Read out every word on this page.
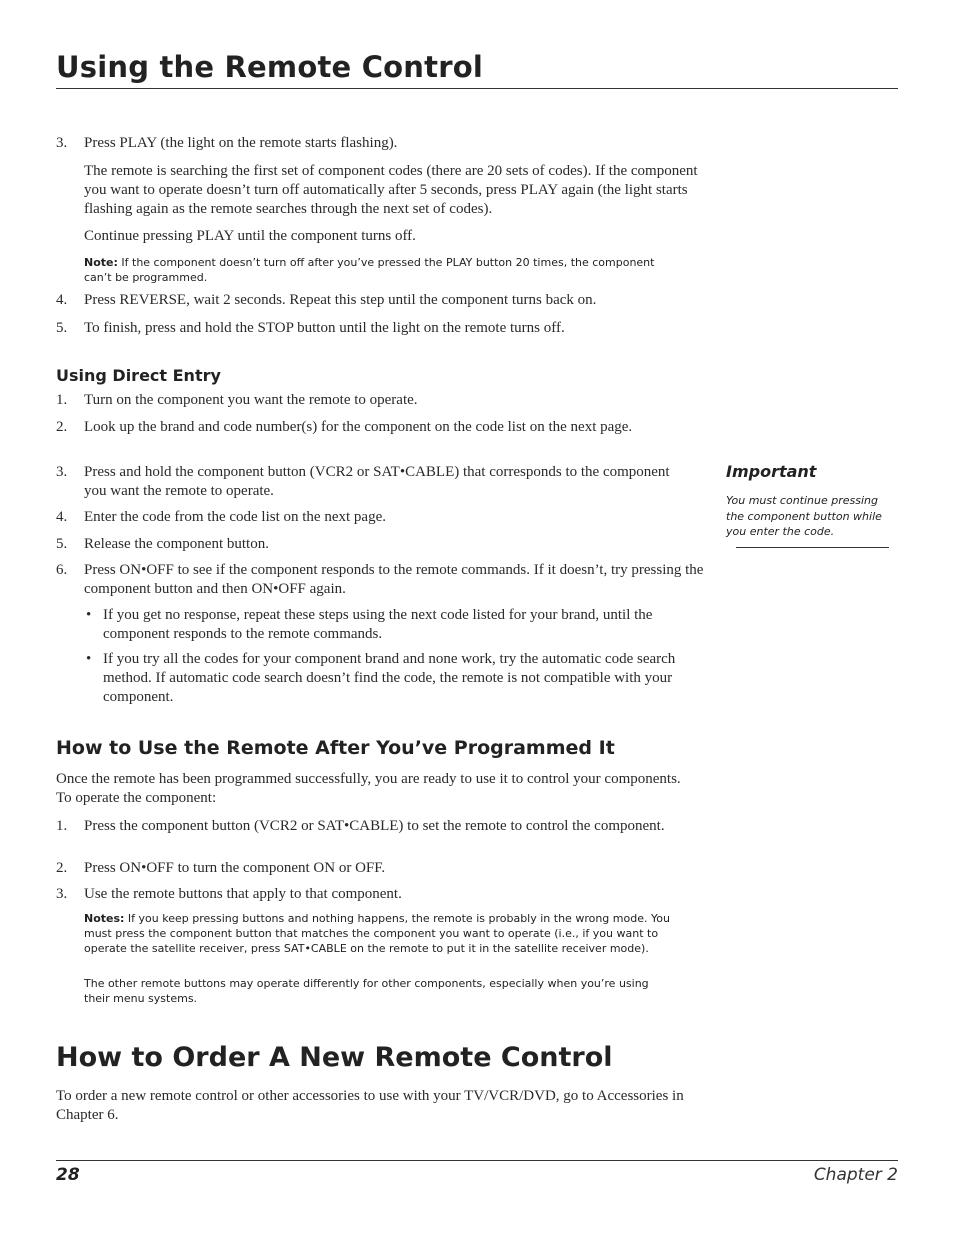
Using the Remote Control
3. Press PLAY (the light on the remote starts flashing).

The remote is searching the first set of component codes (there are 20 sets of codes). If the component you want to operate doesn’t turn off automatically after 5 seconds, press PLAY again (the light starts flashing again as the remote searches through the next set of codes).

Continue pressing PLAY until the component turns off.

Note: If the component doesn’t turn off after you’ve pressed the PLAY button 20 times, the component can’t be programmed.
4. Press REVERSE, wait 2 seconds. Repeat this step until the component turns back on.
5. To finish, press and hold the STOP button until the light on the remote turns off.
Using Direct Entry
1. Turn on the component you want the remote to operate.
2. Look up the brand and code number(s) for the component on the code list on the next page.
3. Press and hold the component button (VCR2 or SAT•CABLE) that corresponds to the component you want the remote to operate.
4. Enter the code from the code list on the next page.
5. Release the component button.
6. Press ON•OFF to see if the component responds to the remote commands. If it doesn’t, try pressing the component button and then ON•OFF again.
• If you get no response, repeat these steps using the next code listed for your brand, until the component responds to the remote commands.
• If you try all the codes for your component brand and none work, try the automatic code search method. If automatic code search doesn’t find the code, the remote is not compatible with your component.
Important
You must continue pressing the component button while you enter the code.
How to Use the Remote After You’ve Programmed It

Once the remote has been programmed successfully, you are ready to use it to control your components. To operate the component:

1. Press the component button (VCR2 or SAT•CABLE) to set the remote to control the component.
2. Press ON•OFF to turn the component ON or OFF.
3. Use the remote buttons that apply to that component.
Notes: If you keep pressing buttons and nothing happens, the remote is probably in the wrong mode. You must press the component button that matches the component you want to operate (i.e., if you want to operate the satellite receiver, press SAT•CABLE on the remote to put it in the satellite receiver mode).
The other remote buttons may operate differently for other components, especially when you’re using their menu systems.
How to Order A New Remote Control

To order a new remote control or other accessories to use with your TV/VCR/DVD, go to Accessories in Chapter 6.

28	Chapter 2
